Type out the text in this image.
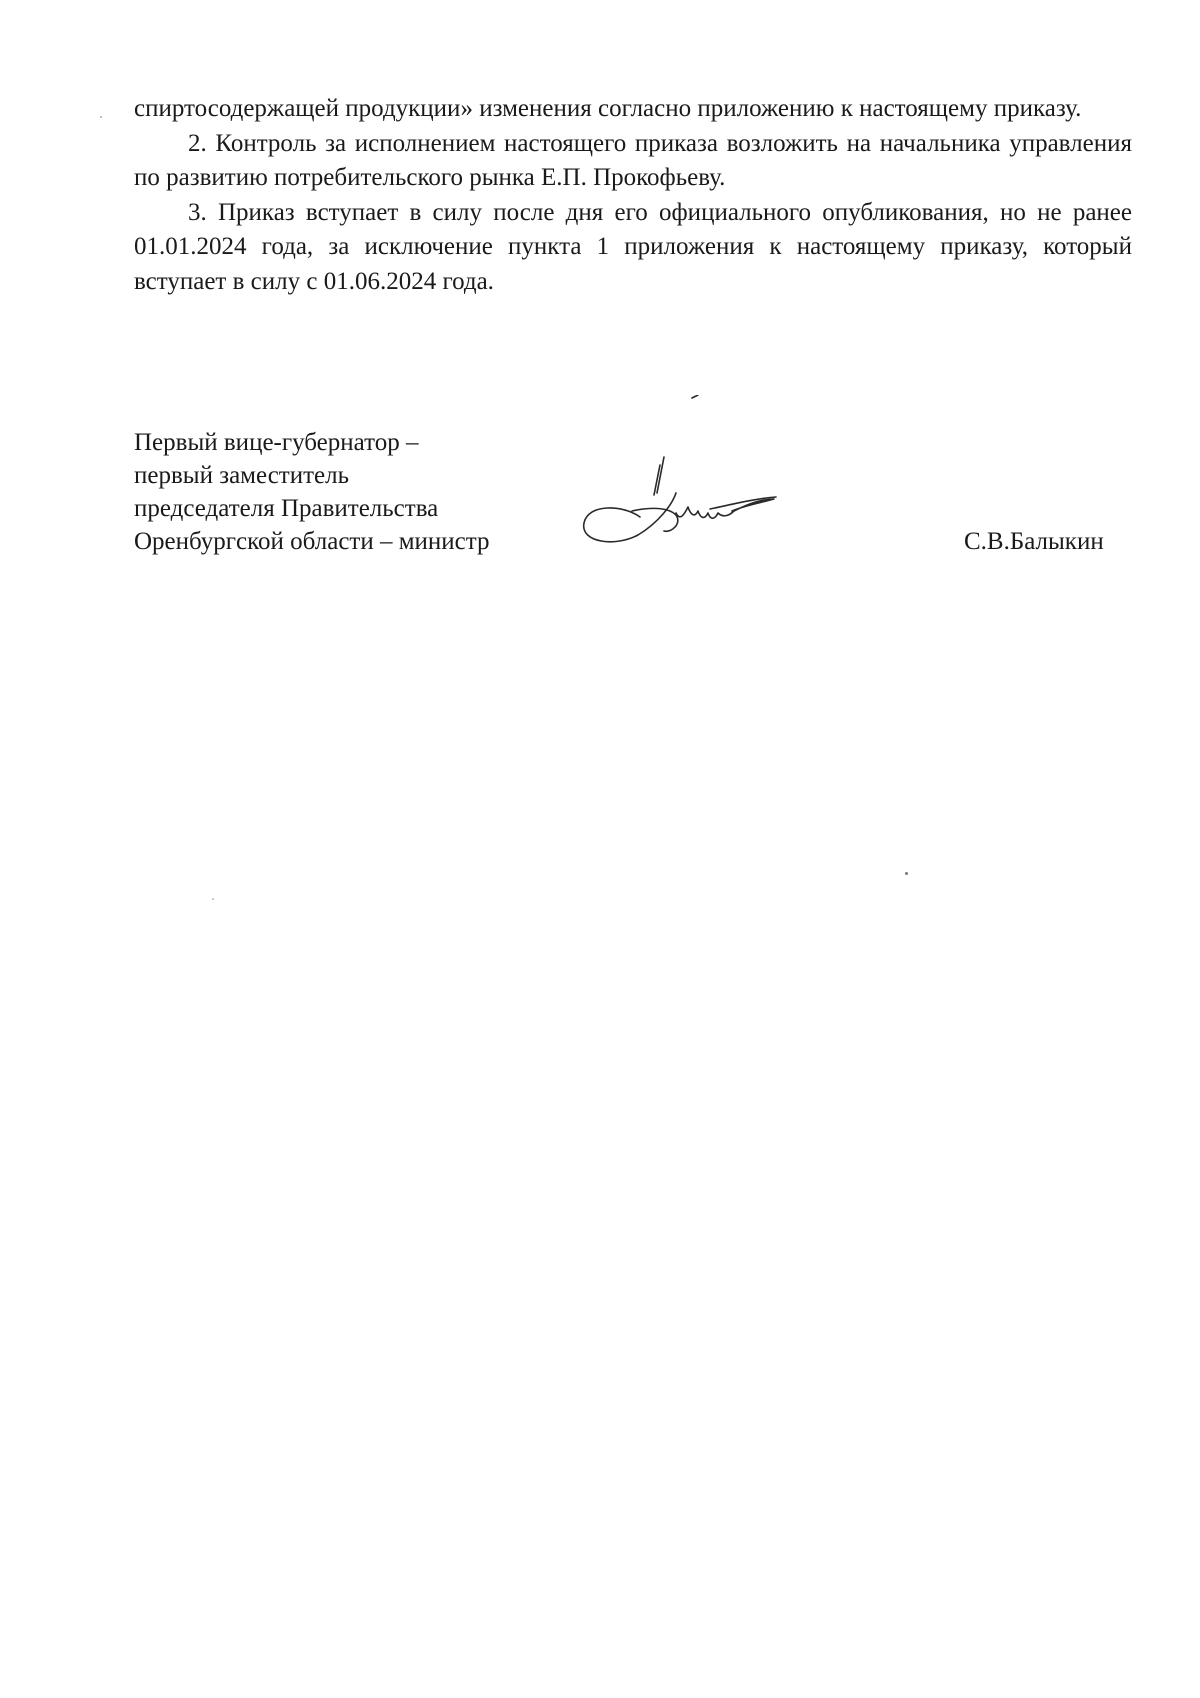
спиртосодержащей продукции» изменения согласно приложению к настоящему приказу.

2. Контроль за исполнением настоящего приказа возложить на начальника управления по развитию потребительского рынка Е.П. Прокофьеву.

3. Приказ вступает в силу после дня его официального опубликования, но не ранее 01.01.2024 года, за исключение пункта 1 приложения к настоящему приказу, который вступает в силу с 01.06.2024 года.

Первый вице-губернатор –
первый заместитель
председателя Правительства
Оренбургской области – министр	С.В.Балыкин
